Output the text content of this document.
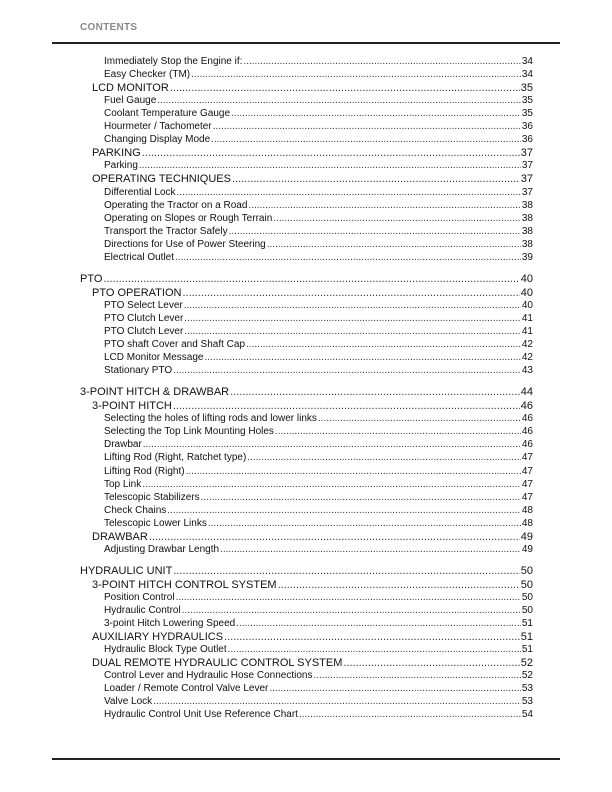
CONTENTS
Immediately Stop the Engine if: .....	34
Easy Checker (TM) .....	34
LCD MONITOR .....	35
Fuel Gauge .....	35
Coolant Temperature Gauge .....	35
Hourmeter / Tachometer .....	36
Changing Display Mode .....	36
PARKING .....	37
Parking .....	37
OPERATING TECHNIQUES .....	37
Differential Lock .....	37
Operating the Tractor on a Road .....	38
Operating on Slopes or Rough Terrain .....	38
Transport the Tractor Safely .....	38
Directions for Use of Power Steering .....	38
Electrical Outlet .....	39
PTO .....	40
PTO OPERATION .....	40
PTO Select Lever .....	40
PTO Clutch Lever .....	41
PTO Clutch Lever .....	41
PTO shaft Cover and Shaft Cap .....	42
LCD Monitor Message .....	42
Stationary PTO .....	43
3-POINT HITCH & DRAWBAR .....	44
3-POINT HITCH .....	46
Selecting the holes of lifting rods and lower links .....	46
Selecting the Top Link Mounting Holes .....	46
Drawbar .....	46
Lifting Rod (Right, Ratchet type) .....	47
Lifting Rod (Right) .....	47
Top Link .....	47
Telescopic Stabilizers .....	47
Check Chains .....	48
Telescopic Lower Links .....	48
DRAWBAR .....	49
Adjusting Drawbar Length .....	49
HYDRAULIC UNIT .....	50
3-POINT HITCH CONTROL SYSTEM .....	50
Position Control .....	50
Hydraulic Control .....	50
3-point Hitch Lowering Speed .....	51
AUXILIARY HYDRAULICS .....	51
Hydraulic Block Type Outlet .....	51
DUAL REMOTE HYDRAULIC CONTROL SYSTEM .....	52
Control Lever and Hydraulic Hose Connections .....	52
Loader / Remote Control Valve Lever .....	53
Valve Lock .....	53
Hydraulic Control Unit Use Reference Chart .....	54
